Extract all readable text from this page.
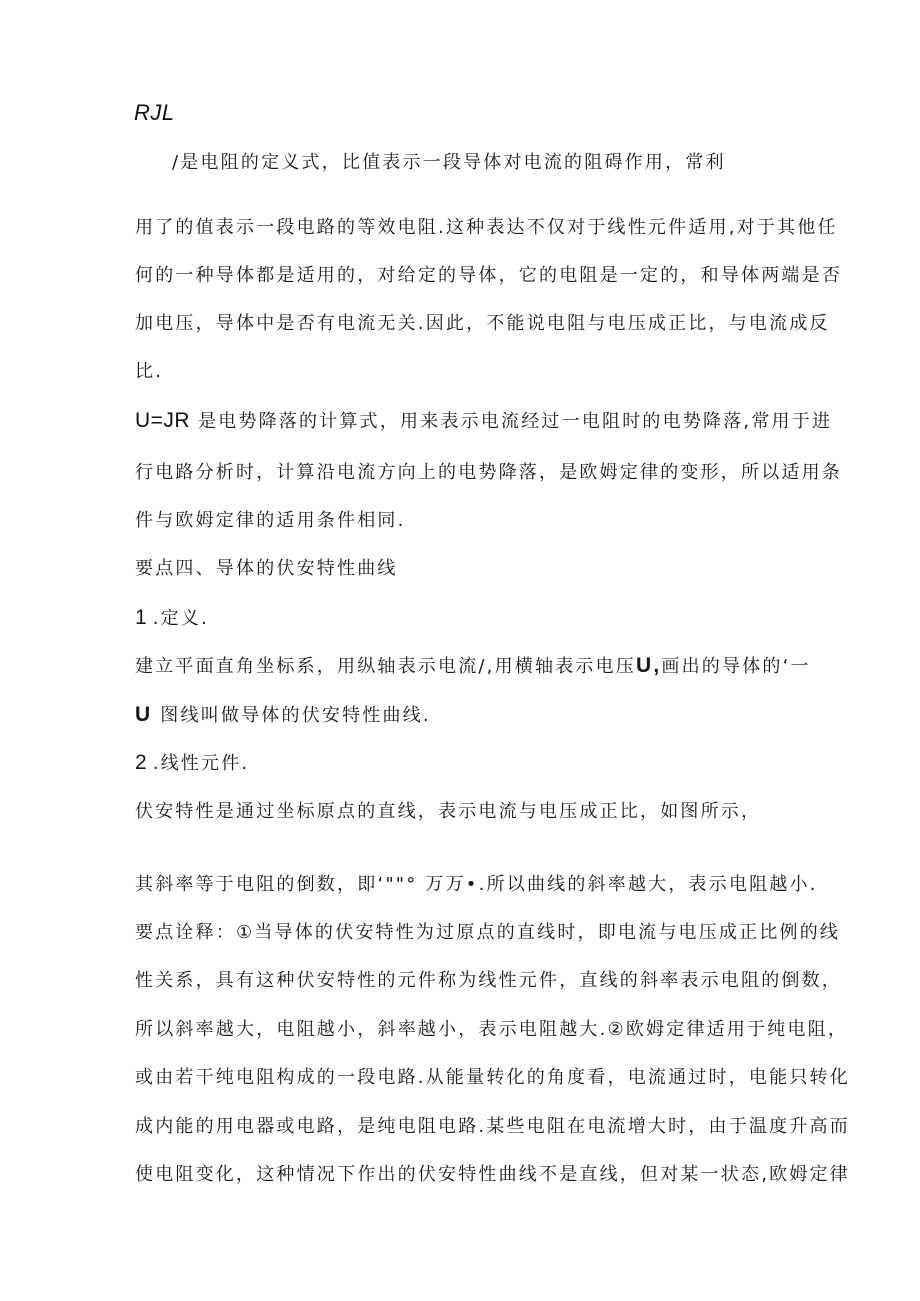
RJL
/是电阻的定义式，比值表示一段导体对电流的阻碍作用，常利
用了的值表示一段电路的等效电阻.这种表达不仅对于线性元件适用,对于其他任
何的一种导体都是适用的，对给定的导体，它的电阻是一定的，和导体两端是否
加电压，导体中是否有电流无关.因此，不能说电阻与电压成正比，与电流成反
比.
U=JR 是电势降落的计算式，用来表示电流经过一电阻时的电势降落,常用于进
行电路分析时，计算沿电流方向上的电势降落，是欧姆定律的变形，所以适用条
件与欧姆定律的适用条件相同.
要点四、导体的伏安特性曲线
1.定义.
建立平面直角坐标系，用纵轴表示电流/,用横轴表示电压U,画出的导体的‘一
U 图线叫做导体的伏安特性曲线.
2.线性元件.
伏安特性是通过坐标原点的直线，表示电流与电压成正比，如图所示，
其斜率等于电阻的倒数，即‘""° 万万•.所以曲线的斜率越大，表示电阻越小.
要点诠释：①当导体的伏安特性为过原点的直线时，即电流与电压成正比例的线
性关系，具有这种伏安特性的元件称为线性元件，直线的斜率表示电阻的倒数，
所以斜率越大，电阻越小，斜率越小，表示电阻越大.②欧姆定律适用于纯电阻，
或由若干纯电阻构成的一段电路.从能量转化的角度看，电流通过时，电能只转化
成内能的用电器或电路，是纯电阻电路.某些电阻在电流增大时，由于温度升高而
使电阻变化，这种情况下作出的伏安特性曲线不是直线，但对某一状态,欧姆定律
